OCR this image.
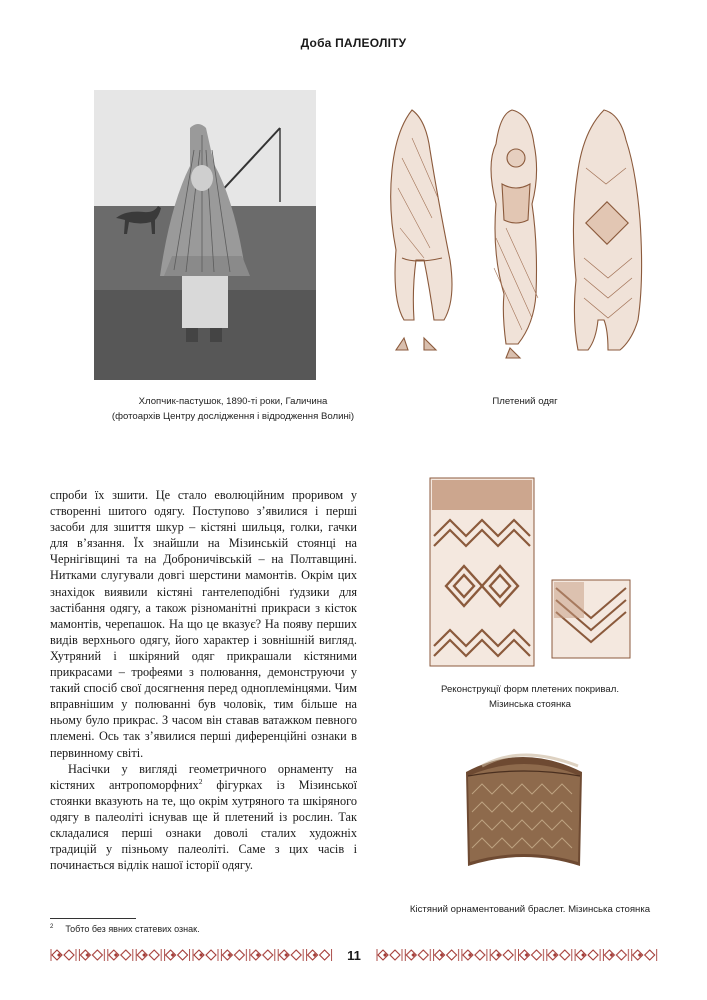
Доба ПАЛЕОЛІТУ
Хлопчик-пастушок, 1890-ті роки, Галичина
(фотоархів Центру дослідження і відродження Волині)
Плетений одяг

спроби їх зшити. Це стало еволюційним проривом у створенні шитого одягу. Поступово з’явилися і перші засоби для зшиття шкур – кістяні шильця, голки, гачки для в’язання. Їх знайшли на Мізинській стоянці на Чернігівщині та на Доброничівській – на Полтавщині. Нитками слугували довгі шерстини мамонтів. Окрім цих знахідок виявили кістяні гантелеподібні ґудзики для застібання одягу, а також різноманітні прикраси з кісток мамонтів, черепашок. На що це вказує? На появу перших видів верхнього одягу, його характер і зовнішній вигляд. Хутряний і шкіряний одяг прикрашали кістяними прикрасами – трофеями з полювання, демонструючи у такий спосіб свої досягнення перед одноплемінцями. Чим вправнішим у полюванні був чоловік, тим більше на ньому було прикрас. З часом він ставав ватажком певного племені. Ось так з’явилися перші диференційні ознаки в первинному світі.

Насічки у вигляді геометричного орнаменту на кістяних антропоморфних$^2$ фігурках із Мізинської стоянки вказують на те, що окрім хутряного та шкіряного одягу в палеоліті існував ще й плетений із рослин. Так складалися перші ознаки доволі сталих художніх традицій у пізньому палеоліті. Саме з цих часів і починається відлік нашої історії одягу.

Реконструкції форм плетених покривал.
Мізинська стоянка
Кістяний орнаментований браслет. Мізинська стоянка
$^2$ Тобто без явних статевих ознак.
11
